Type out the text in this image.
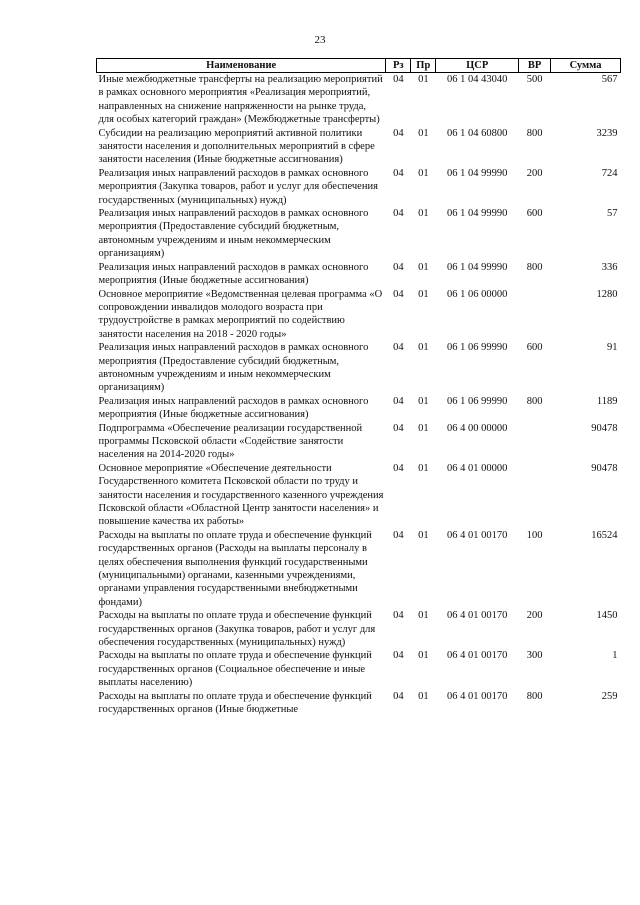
23
Наименование	Рз	Пр	ЦСР	ВР	Сумма
Иные межбюджетные трансферты на реализацию мероприятий в рамках основного мероприятия «Реализация мероприятий, направленных на снижение напряженности на рынке труда, для особых категорий граждан» (Межбюджетные трансферты)	04	01	06 1 04 43040	500	567
Субсидии на реализацию мероприятий активной политики занятости населения и дополнительных мероприятий в сфере занятости населения (Иные бюджетные ассигнования)	04	01	06 1 04 60800	800	3239
Реализация иных направлений расходов в рамках основного мероприятия (Закупка товаров, работ и услуг для обеспечения государственных (муниципальных) нужд)	04	01	06 1 04 99990	200	724
Реализация иных направлений расходов в рамках основного мероприятия (Предоставление субсидий бюджетным, автономным учреждениям и иным некоммерческим организациям)	04	01	06 1 04 99990	600	57
Реализация иных направлений расходов в рамках основного мероприятия (Иные бюджетные ассигнования)	04	01	06 1 04 99990	800	336
Основное мероприятие «Ведомственная целевая программа «О сопровождении инвалидов молодого возраста при трудоустройстве в рамках мероприятий по содействию занятости населения на 2018 - 2020 годы»	04	01	06 1 06 00000		1280
Реализация иных направлений расходов в рамках основного мероприятия (Предоставление субсидий бюджетным, автономным учреждениям и иным некоммерческим организациям)	04	01	06 1 06 99990	600	91
Реализация иных направлений расходов в рамках основного мероприятия (Иные бюджетные ассигнования)	04	01	06 1 06 99990	800	1189
Подпрограмма «Обеспечение реализации государственной программы Псковской области «Содействие занятости населения на 2014-2020 годы»	04	01	06 4 00 00000		90478
Основное мероприятие «Обеспечение деятельности Государственного комитета Псковской области по труду и занятости населения и государственного казенного учреждения Псковской области «Областной Центр занятости населения» и повышение качества их работы»	04	01	06 4 01 00000		90478
Расходы на выплаты по оплате труда и обеспечение функций государственных органов (Расходы на выплаты персоналу в целях обеспечения выполнения функций государственными (муниципальными) органами, казенными учреждениями, органами управления государственными внебюджетными фондами)	04	01	06 4 01 00170	100	16524
Расходы на выплаты по оплате труда и обеспечение функций государственных органов (Закупка товаров, работ и услуг для обеспечения государственных (муниципальных) нужд)	04	01	06 4 01 00170	200	1450
Расходы на выплаты по оплате труда и обеспечение функций государственных органов (Социальное обеспечение и иные выплаты населению)	04	01	06 4 01 00170	300	1
Расходы на выплаты по оплате труда и обеспечение функций государственных органов (Иные бюджетные	04	01	06 4 01 00170	800	259
